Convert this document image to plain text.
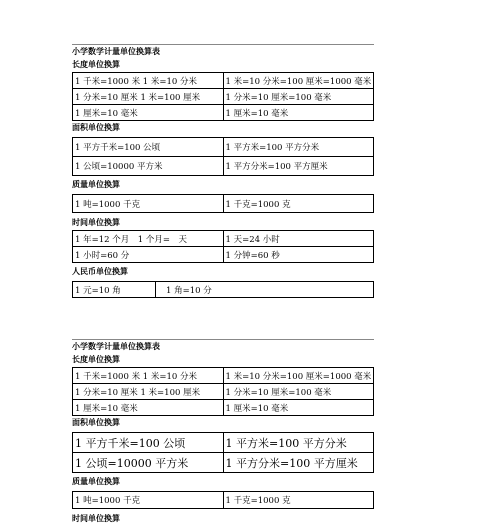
小学数学计量单位换算表
长度单位换算
1 千米=1000 米 1 米=10 分米	1 米=10 分米=100 厘米=1000 毫米
1 分米=10 厘米 1 米=100 厘米	1 分米=10 厘米=100 毫米
1 厘米=10 毫米	1 厘米=10 毫米
面积单位换算
1 平方千米=100 公顷	1 平方米=100 平方分米
1 公顷=10000 平方米	1 平方分米=100 平方厘米
质量单位换算
1 吨=1000 千克	1 千克=1000 克
时间单位换算
1 年=12 个月　1 个月=　天	1 天=24 小时
1 小时=60 分	1 分钟=60 秒
人民币单位换算
1 元=10 角	1 角=10 分
小学数学计量单位换算表
长度单位换算
1 千米=1000 米 1 米=10 分米	1 米=10 分米=100 厘米=1000 毫米
1 分米=10 厘米 1 米=100 厘米	1 分米=10 厘米=100 毫米
1 厘米=10 毫米	1 厘米=10 毫米
面积单位换算
1 平方千米=100 公顷	1 平方米=100 平方分米
1 公顷=10000 平方米	1 平方分米=100 平方厘米
质量单位换算
1 吨=1000 千克	1 千克=1000 克
时间单位换算
